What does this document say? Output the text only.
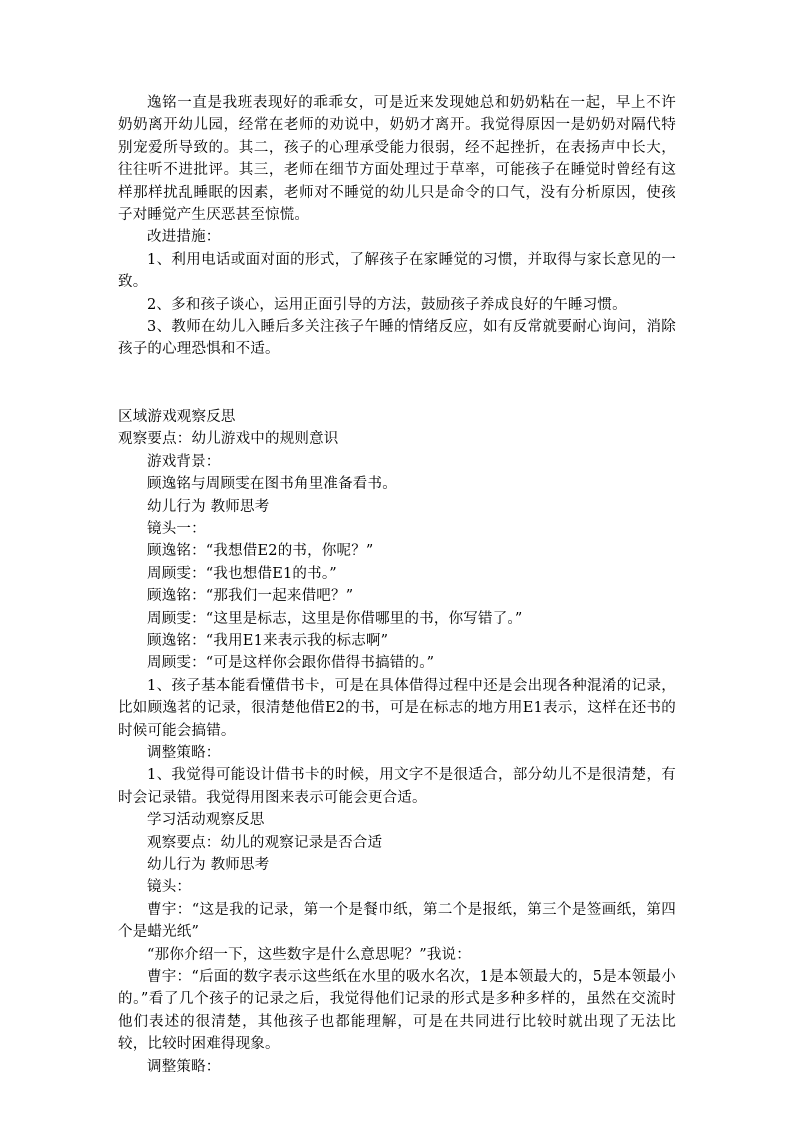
逸铭一直是我班表现好的乖乖女，可是近来发现她总和奶奶粘在一起，早上不许奶奶离开幼儿园，经常在老师的劝说中，奶奶才离开。我觉得原因一是奶奶对隔代特别宠爱所导致的。其二，孩子的心理承受能力很弱，经不起挫折，在表扬声中长大，往往听不进批评。其三，老师在细节方面处理过于草率，可能孩子在睡觉时曾经有这样那样扰乱睡眠的因素，老师对不睡觉的幼儿只是命令的口气，没有分析原因，使孩子对睡觉产生厌恶甚至惊慌。

改进措施：

1、利用电话或面对面的形式，了解孩子在家睡觉的习惯，并取得与家长意见的一致。

2、多和孩子谈心，运用正面引导的方法，鼓励孩子养成良好的午睡习惯。

3、教师在幼儿入睡后多关注孩子午睡的情绪反应，如有反常就要耐心询问，消除孩子的心理恐惧和不适。

区域游戏观察反思

观察要点：幼儿游戏中的规则意识

游戏背景：

顾逸铭与周顾雯在图书角里准备看书。

幼儿行为 教师思考

镜头一：

顾逸铭：“我想借E2的书，你呢？”

周顾雯：“我也想借E1的书。”

顾逸铭：“那我们一起来借吧？”

周顾雯：“这里是标志，这里是你借哪里的书，你写错了。”

顾逸铭：“我用E1来表示我的标志啊”

周顾雯：“可是这样你会跟你借得书搞错的。”

1、孩子基本能看懂借书卡，可是在具体借得过程中还是会出现各种混淆的记录，比如顾逸茗的记录，很清楚他借E2的书，可是在标志的地方用E1表示，这样在还书的时候可能会搞错。

调整策略：

1、我觉得可能设计借书卡的时候，用文字不是很适合，部分幼儿不是很清楚，有时会记录错。我觉得用图来表示可能会更合适。

学习活动观察反思

观察要点：幼儿的观察记录是否合适

幼儿行为 教师思考

镜头：

曹宇：“这是我的记录，第一个是餐巾纸，第二个是报纸，第三个是签画纸，第四个是蜡光纸”

“那你介绍一下，这些数字是什么意思呢？”我说：

曹宇：“后面的数字表示这些纸在水里的吸水名次，1是本领最大的，5是本领最小的。”看了几个孩子的记录之后，我觉得他们记录的形式是多种多样的，虽然在交流时他们表述的很清楚，其他孩子也都能理解，可是在共同进行比较时就出现了无法比较，比较时困难得现象。

调整策略：
